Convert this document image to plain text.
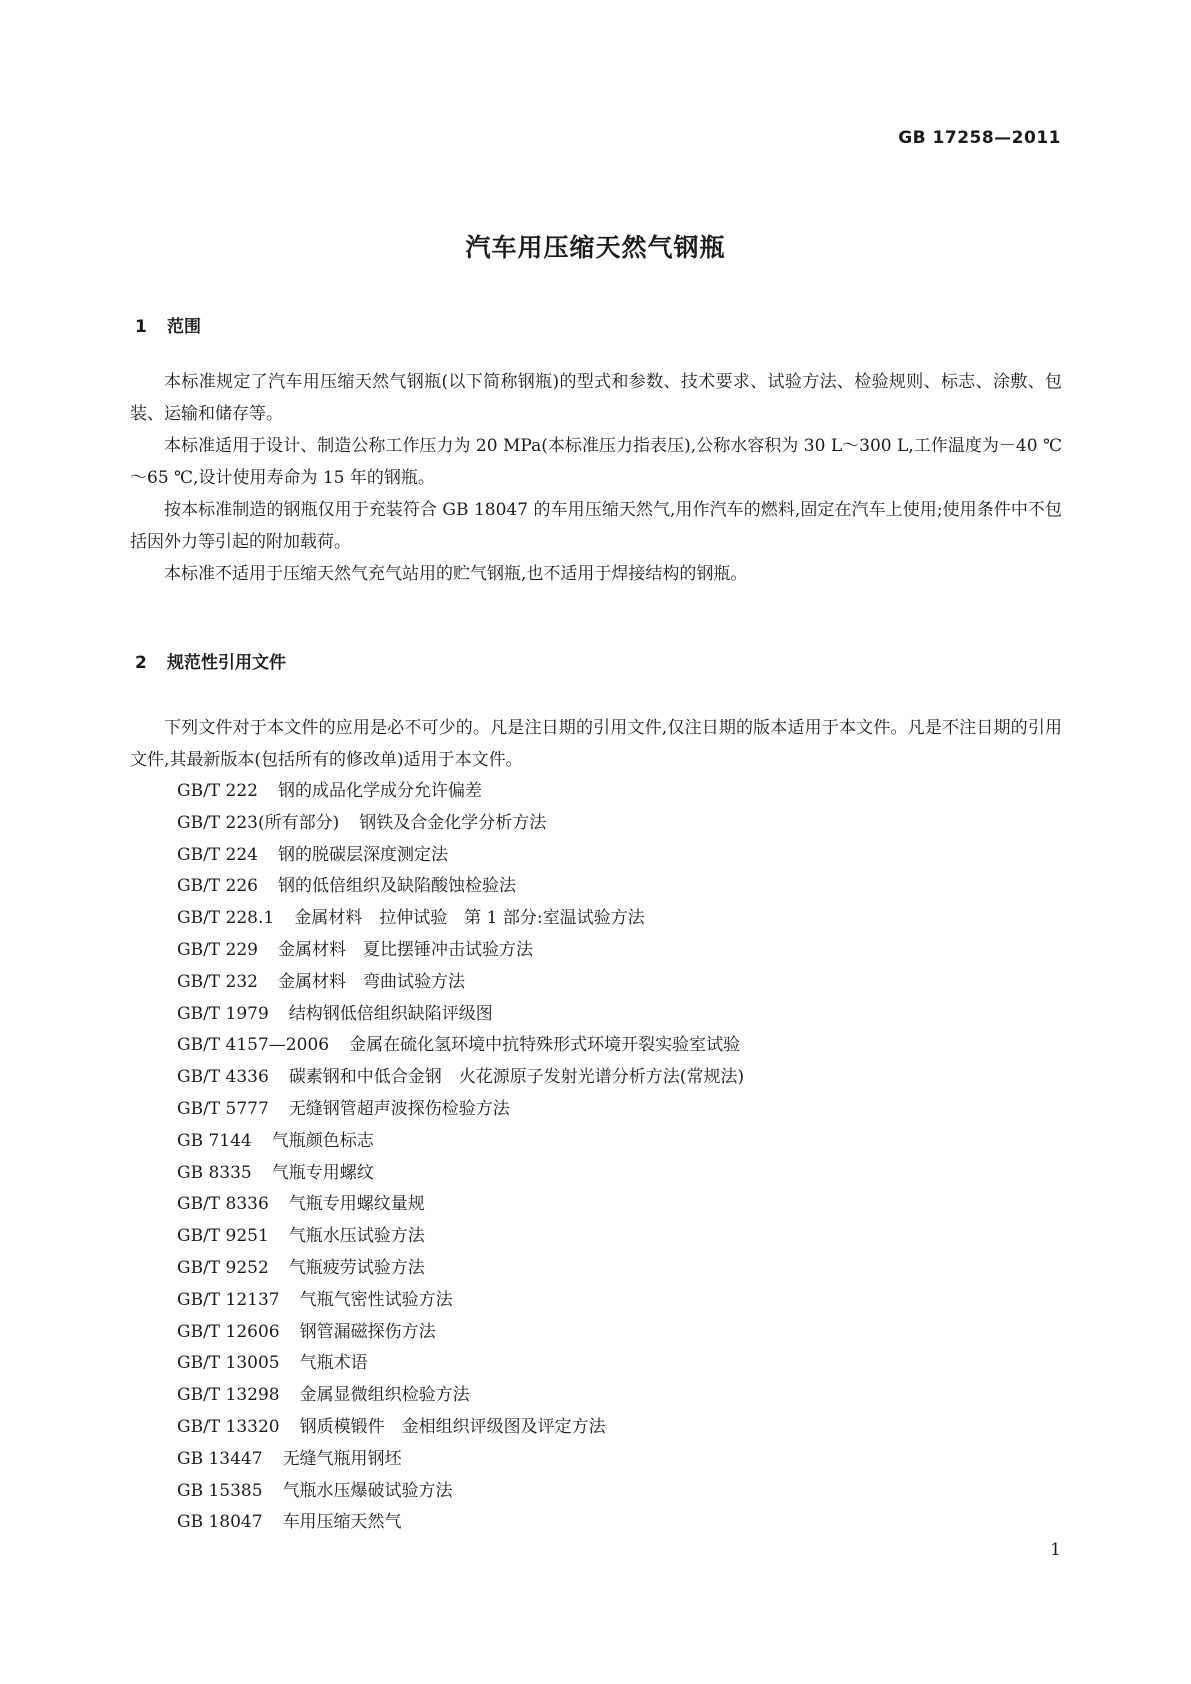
GB 17258—2011
汽车用压缩天然气钢瓶
1 范围
本标准规定了汽车用压缩天然气钢瓶(以下简称钢瓶)的型式和参数、技术要求、试验方法、检验规则、标志、涂敷、包装、运输和储存等。
本标准适用于设计、制造公称工作压力为 20 MPa(本标准压力指表压),公称水容积为 30 L～300 L,工作温度为－40 ℃～65 ℃,设计使用寿命为 15 年的钢瓶。
按本标准制造的钢瓶仅用于充装符合 GB 18047 的车用压缩天然气,用作汽车的燃料,固定在汽车上使用;使用条件中不包括因外力等引起的附加载荷。
本标准不适用于压缩天然气充气站用的贮气钢瓶,也不适用于焊接结构的钢瓶。
2 规范性引用文件
下列文件对于本文件的应用是必不可少的。凡是注日期的引用文件,仅注日期的版本适用于本文件。凡是不注日期的引用文件,其最新版本(包括所有的修改单)适用于本文件。
GB/T 222 钢的成品化学成分允许偏差
GB/T 223(所有部分) 钢铁及合金化学分析方法
GB/T 224 钢的脱碳层深度测定法
GB/T 226 钢的低倍组织及缺陷酸蚀检验法
GB/T 228.1 金属材料　拉伸试验　第 1 部分:室温试验方法
GB/T 229 金属材料　夏比摆锤冲击试验方法
GB/T 232 金属材料　弯曲试验方法
GB/T 1979 结构钢低倍组织缺陷评级图
GB/T 4157—2006 金属在硫化氢环境中抗特殊形式环境开裂实验室试验
GB/T 4336 碳素钢和中低合金钢　火花源原子发射光谱分析方法(常规法)
GB/T 5777 无缝钢管超声波探伤检验方法
GB 7144 气瓶颜色标志
GB 8335 气瓶专用螺纹
GB/T 8336 气瓶专用螺纹量规
GB/T 9251 气瓶水压试验方法
GB/T 9252 气瓶疲劳试验方法
GB/T 12137 气瓶气密性试验方法
GB/T 12606 钢管漏磁探伤方法
GB/T 13005 气瓶术语
GB/T 13298 金属显微组织检验方法
GB/T 13320 钢质模锻件　金相组织评级图及评定方法
GB 13447 无缝气瓶用钢坯
GB 15385 气瓶水压爆破试验方法
GB 18047 车用压缩天然气
1
